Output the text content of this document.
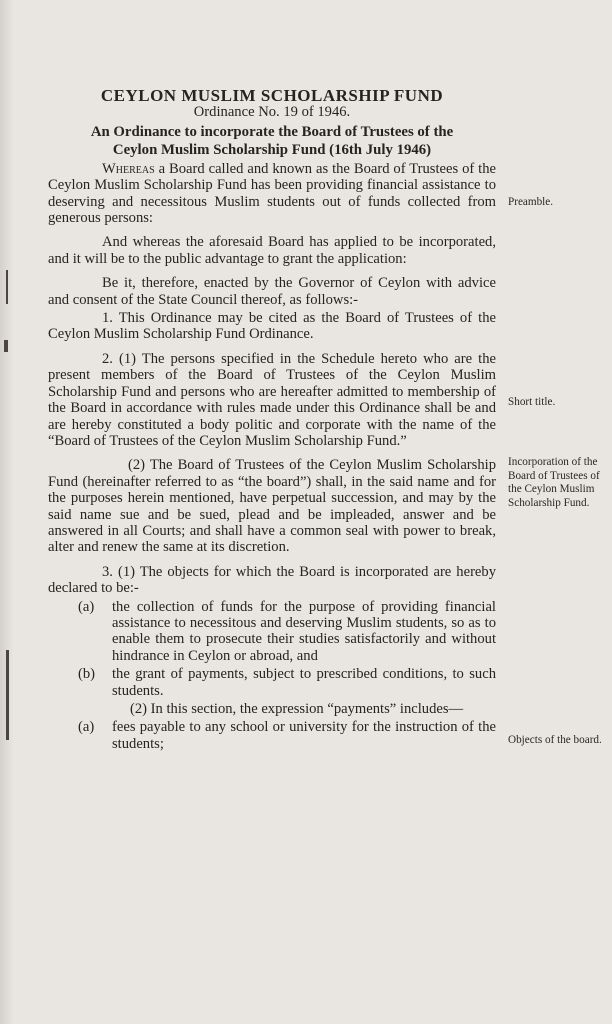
CEYLON MUSLIM SCHOLARSHIP FUND

Ordinance No. 19 of 1946.

An Ordinance to incorporate the Board of Trustees of the Ceylon Muslim Scholarship Fund (16th July 1946)

Whereas a Board called and known as the Board of Trustees of the Ceylon Muslim Scholarship Fund has been providing financial assistance to deserving and necessitous Muslim students out of funds collected from generous persons:

And whereas the aforesaid Board has applied to be incorporated, and it will be to the public advantage to grant the application:

Be it, therefore, enacted by the Governor of Ceylon with advice and consent of the State Council thereof, as follows:-

1. This Ordinance may be cited as the Board of Trustees of the Ceylon Muslim Scholarship Fund Ordinance.

2. (1) The persons specified in the Schedule hereto who are the present members of the Board of Trustees of the Ceylon Muslim Scholarship Fund and persons who are hereafter admitted to membership of the Board in accordance with rules made under this Ordinance shall be and are hereby constituted a body politic and corporate with the name of the “Board of Trustees of the Ceylon Muslim Scholarship Fund.”

(2) The Board of Trustees of the Ceylon Muslim Scholarship Fund (hereinafter referred to as “the board”) shall, in the said name and for the purposes herein mentioned, have perpetual succession, and may by the said name sue and be sued, plead and be impleaded, answer and be answered in all Courts; and shall have a common seal with power to break, alter and renew the same at its discretion.

3. (1) The objects for which the Board is incorporated are hereby declared to be:-

(a)	the collection of funds for the purpose of providing financial assistance to necessitous and deserving Muslim students, so as to enable them to prosecute their studies satisfactorily and without hindrance in Ceylon or abroad, and
(b)	the grant of payments, subject to prescribed conditions, to such students.

(2) In this section, the expression “payments” includes—

(a)	fees payable to any school or university for the instruction of the students;
Preamble.
Short title.
Incorporation of the Board of Trustees of the Ceylon Muslim Scholarship Fund.
Objects of the board.
